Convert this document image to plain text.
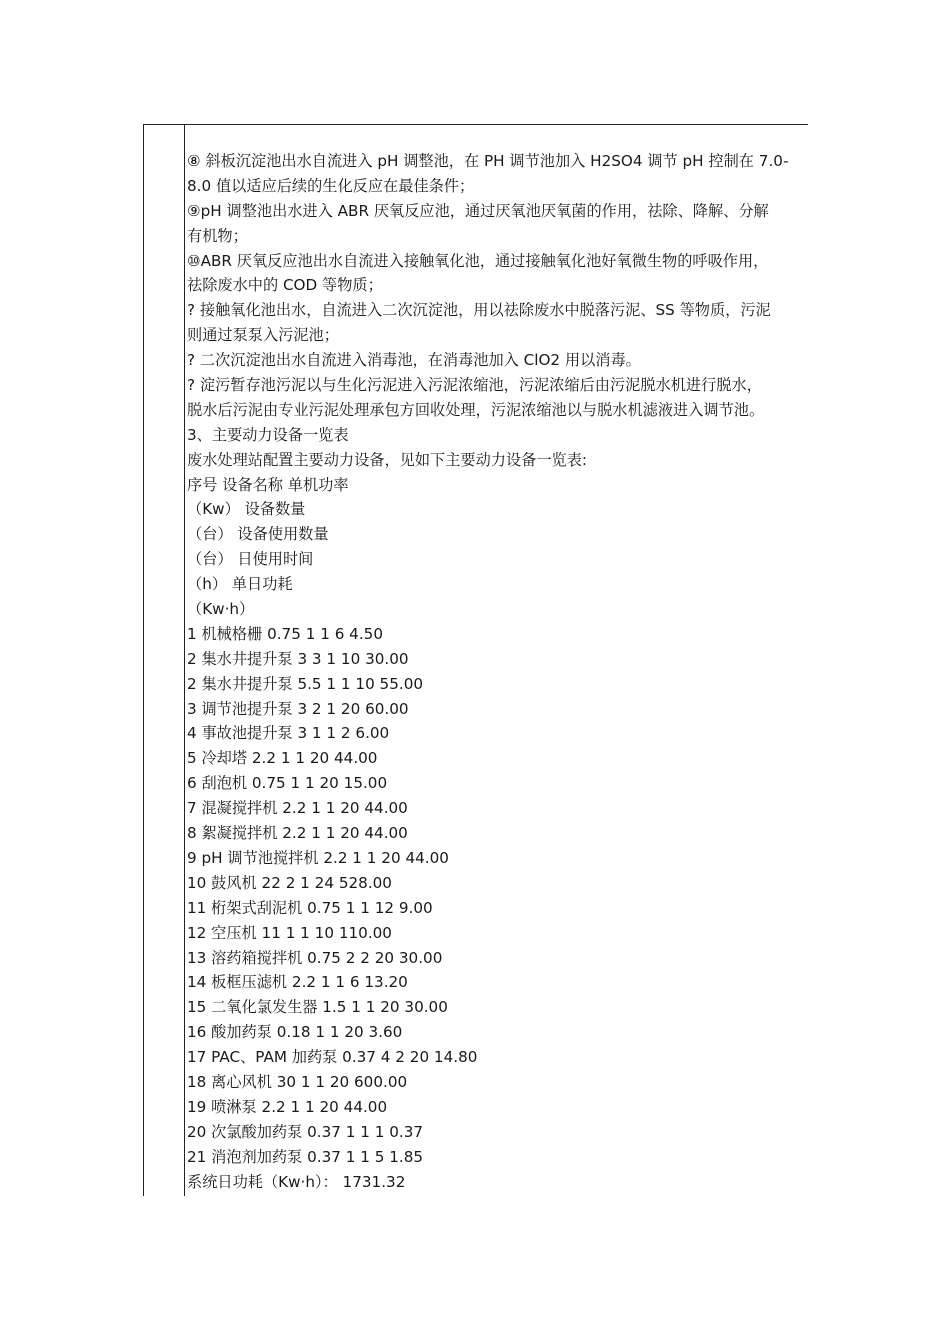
⑧ 斜板沉淀池出水自流进入 pH 调整池，在 PH 调节池加入 H2SO4 调节 pH 控制在 7.0-
8.0 值以适应后续的生化反应在最佳条件；
⑨pH 调整池出水进入 ABR 厌氧反应池，通过厌氧池厌氧菌的作用，祛除、降解、分解
有机物；
⑩ABR 厌氧反应池出水自流进入接触氧化池，通过接触氧化池好氧微生物的呼吸作用，
祛除废水中的 COD 等物质；
? 接触氧化池出水，自流进入二次沉淀池，用以祛除废水中脱落污泥、SS 等物质，污泥
则通过泵泵入污泥池；
? 二次沉淀池出水自流进入消毒池，在消毒池加入 ClO2 用以消毒。
? 淀污暂存池污泥以与生化污泥进入污泥浓缩池，污泥浓缩后由污泥脱水机进行脱水，
脱水后污泥由专业污泥处理承包方回收处理，污泥浓缩池以与脱水机滤液进入调节池。
3、主要动力设备一览表
废水处理站配置主要动力设备，见如下主要动力设备一览表:
序号 设备名称 单机功率
（Kw） 设备数量
（台） 设备使用数量
（台） 日使用时间
（h） 单日功耗
（Kw·h）
1 机械格栅 0.75 1 1 6 4.50
2 集水井提升泵 3 3 1 10 30.00
2 集水井提升泵 5.5 1 1 10 55.00
3 调节池提升泵 3 2 1 20 60.00
4 事故池提升泵 3 1 1 2 6.00
5 冷却塔 2.2 1 1 20 44.00
6 刮泡机 0.75 1 1 20 15.00
7 混凝搅拌机 2.2 1 1 20 44.00
8 絮凝搅拌机 2.2 1 1 20 44.00
9 pH 调节池搅拌机 2.2 1 1 20 44.00
10 鼓风机 22 2 1 24 528.00
11 桁架式刮泥机 0.75 1 1 12 9.00
12 空压机 11 1 1 10 110.00
13 溶药箱搅拌机 0.75 2 2 20 30.00
14 板框压滤机 2.2 1 1 6 13.20
15 二氧化氯发生器 1.5 1 1 20 30.00
16 酸加药泵 0.18 1 1 20 3.60
17 PAC、PAM 加药泵 0.37 4 2 20 14.80
18 离心风机 30 1 1 20 600.00
19 喷淋泵 2.2 1 1 20 44.00
20 次氯酸加药泵 0.37 1 1 1 0.37
21 消泡剂加药泵 0.37 1 1 5 1.85
系统日功耗（Kw·h）： 1731.32
